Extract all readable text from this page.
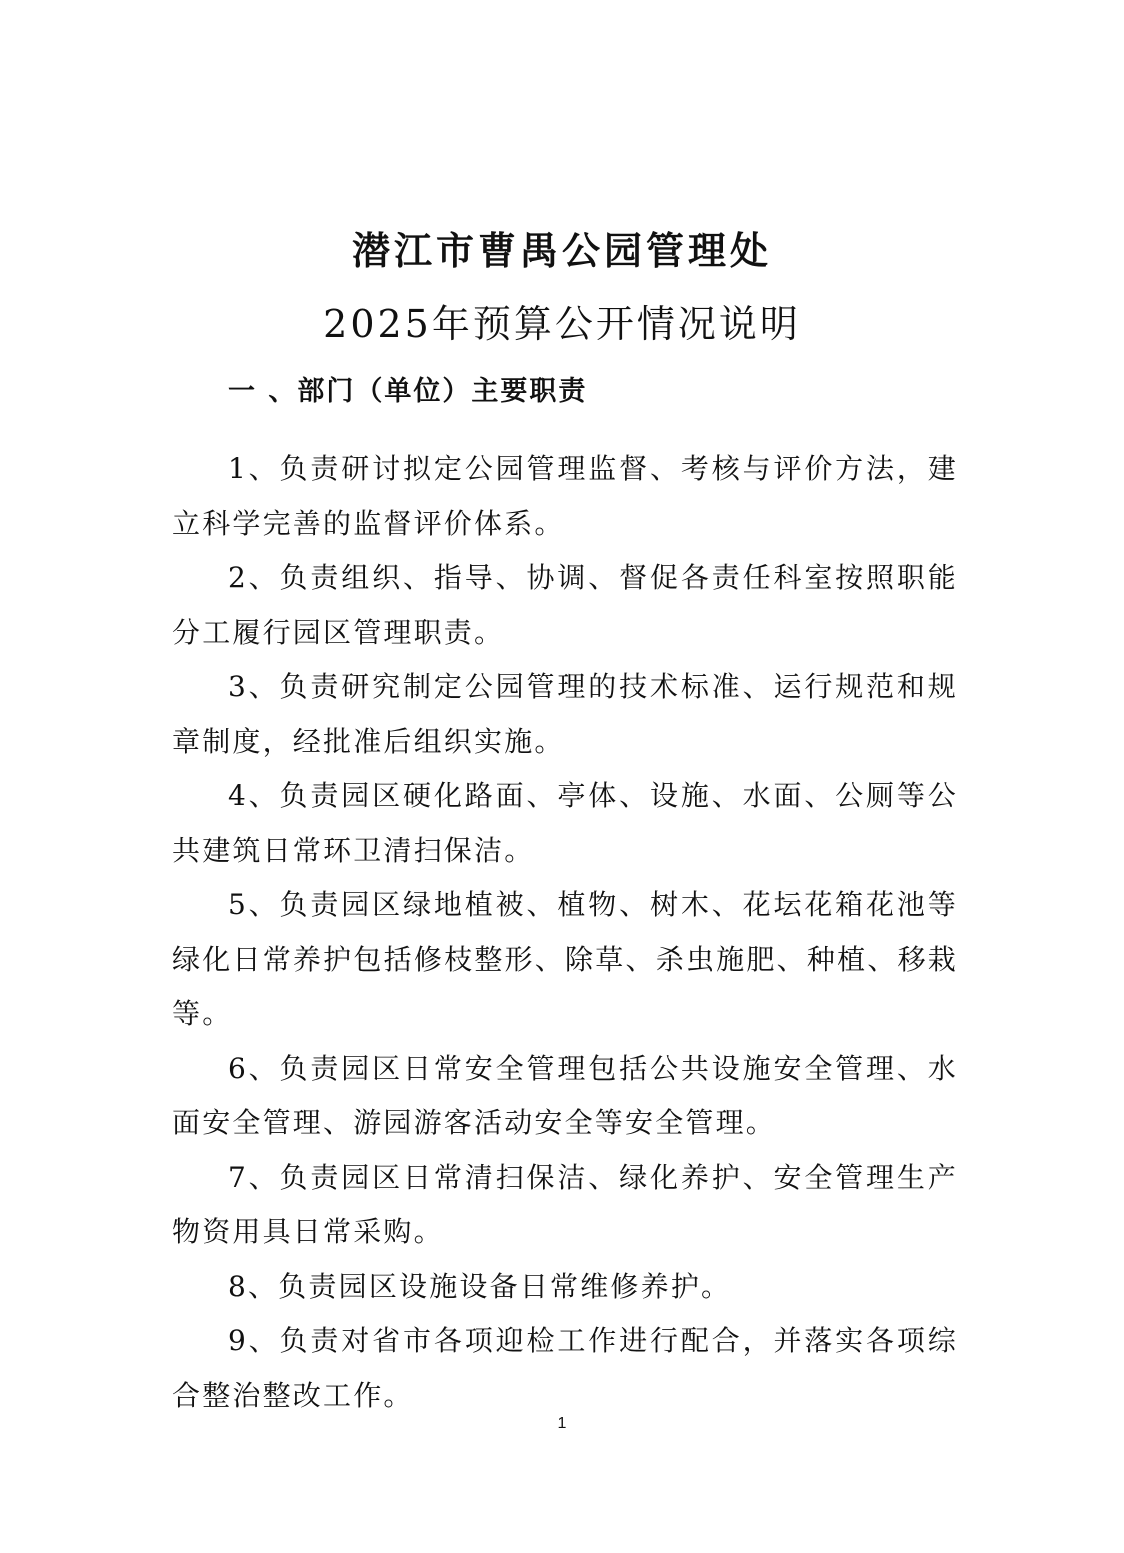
潜江市曹禺公园管理处
2025年预算公开情况说明
一 、部门（单位）主要职责

1、负责研讨拟定公园管理监督、考核与评价方法，建立科学完善的监督评价体系。

2、负责组织、指导、协调、督促各责任科室按照职能分工履行园区管理职责。

3、负责研究制定公园管理的技术标准、运行规范和规章制度，经批准后组织实施。

4、负责园区硬化路面、亭体、设施、水面、公厕等公共建筑日常环卫清扫保洁。

5、负责园区绿地植被、植物、树木、花坛花箱花池等绿化日常养护包括修枝整形、除草、杀虫施肥、种植、移栽等。

6、负责园区日常安全管理包括公共设施安全管理、水面安全管理、游园游客活动安全等安全管理。

7、负责园区日常清扫保洁、绿化养护、安全管理生产物资用具日常采购。

8、负责园区设施设备日常维修养护。

9、负责对省市各项迎检工作进行配合，并落实各项综合整治整改工作。

1
